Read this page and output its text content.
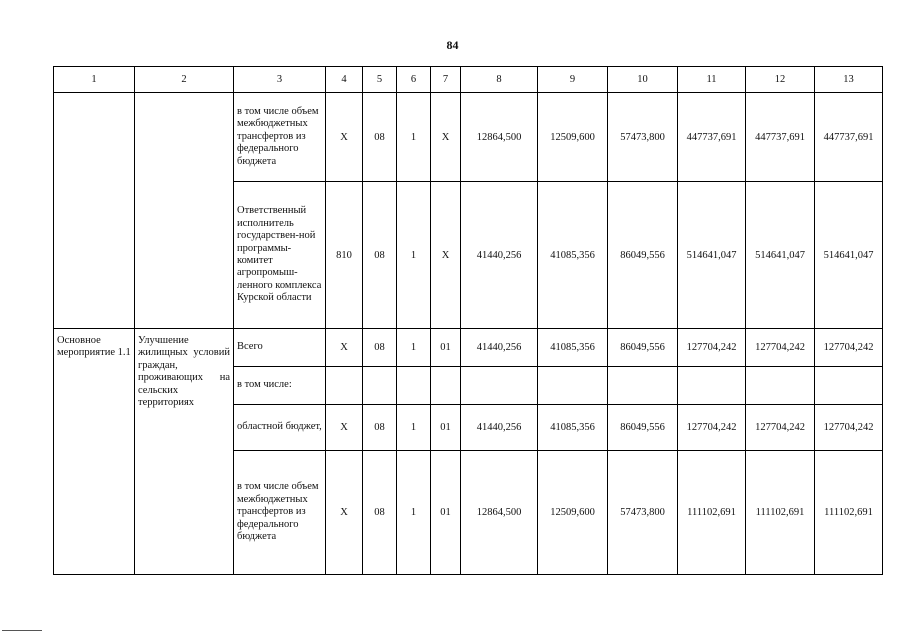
84
1	2	3	4	5	6	7	8	9	10	11	12	13
		в том числе объем межбюджетных трансфертов из федерального бюджета	X	08	1	X	12864,500	12509,600	57473,800	447737,691	447737,691	447737,691
		Ответственный исполнитель государствен-ной программы-комитет агропромыш-ленного комплекса Курской области	810	08	1	X	41440,256	41085,356	86049,556	514641,047	514641,047	514641,047
Основное мероприятие 1.1	Улучшение жилищных условий граждан, проживающих на сельских территориях	Всего	X	08	1	01	41440,256	41085,356	86049,556	127704,242	127704,242	127704,242
		в том числе:										
		областной бюджет,	X	08	1	01	41440,256	41085,356	86049,556	127704,242	127704,242	127704,242
		в том числе объем межбюджетных трансфертов из федерального бюджета	X	08	1	01	12864,500	12509,600	57473,800	111102,691	111102,691	111102,691
